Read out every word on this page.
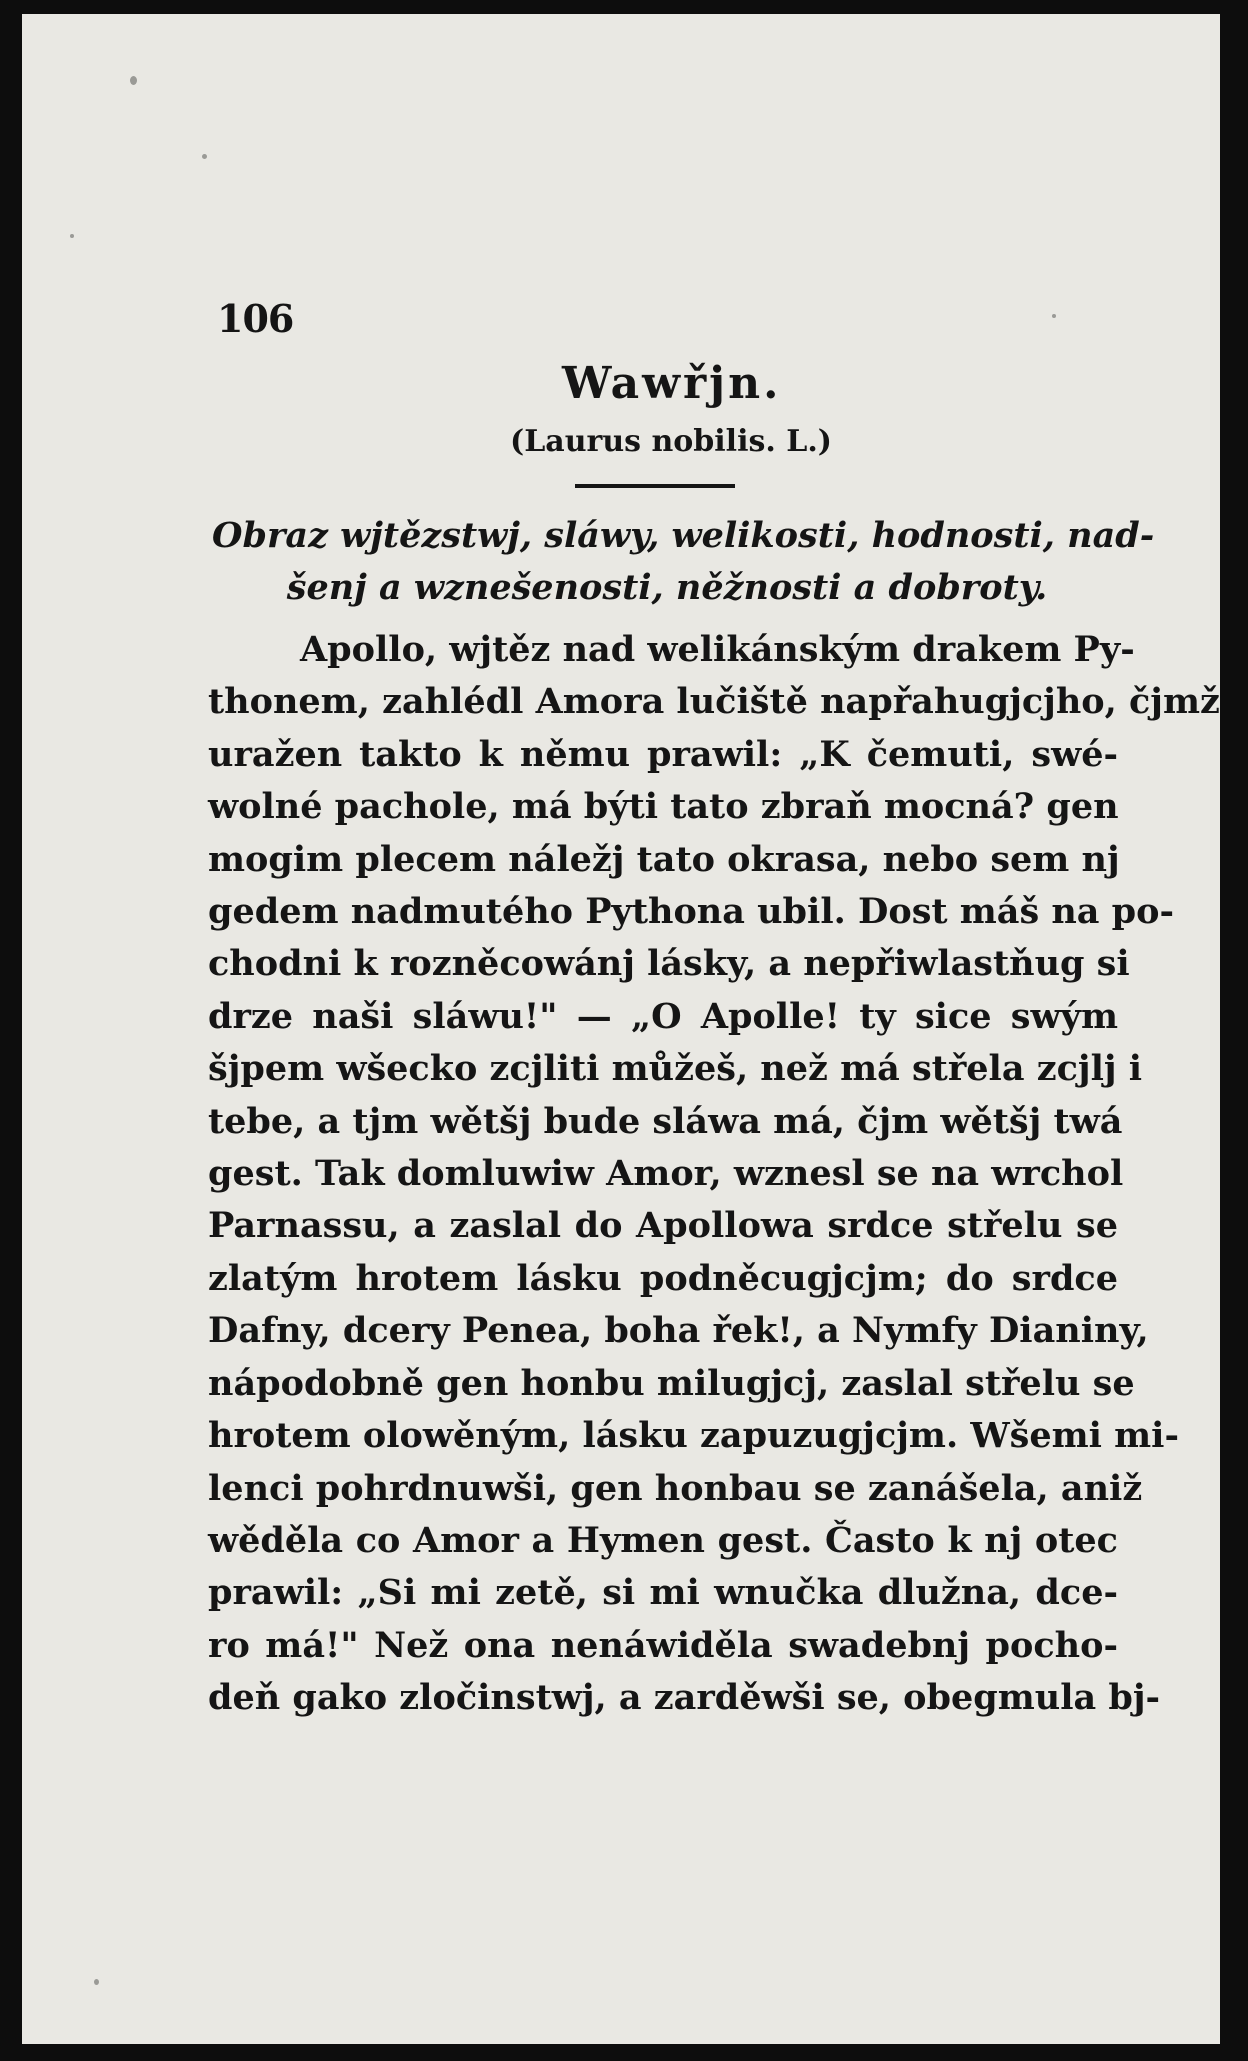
106
Wawřjn.
(Laurus nobilis. L.)
Obraz wjtězstwj, sláwy, welikosti, hodnosti, nad-
šenj a wznešenosti, něžnosti a dobroty.
Apollo, wjtěz nad welikánským drakem Py-
thonem, zahlédl Amora lučiště napřahugjcjho, čjmž
uražen takto k němu prawil: „K čemuti, swé-
wolné pachole, má býti tato zbraň mocná? gen
mogim plecem náležj tato okrasa, nebo sem nj
gedem nadmutého Pythona ubil. Dost máš na po-
chodni k rozněcowánj lásky, a nepřiwlastňug si
drze naši sláwu!" — „O Apolle! ty sice swým
šjpem wšecko zcjliti můžeš, než má střela zcjlj i
tebe, a tjm wětšj bude sláwa má, čjm wětšj twá
gest. Tak domluwiw Amor, wznesl se na wrchol
Parnassu, a zaslal do Apollowa srdce střelu se
zlatým hrotem lásku podněcugjcjm; do srdce
Dafny, dcery Penea, boha řek!, a Nymfy Dianiny,
nápodobně gen honbu milugjcj, zaslal střelu se
hrotem olowěným, lásku zapuzugjcjm. Wšemi mi-
lenci pohrdnuwši, gen honbau se zanášela, aniž
wěděla co Amor a Hymen gest. Často k nj otec
prawil: „Si mi zetě, si mi wnučka dlužna, dce-
ro má!" Než ona nenáwiděla swadebnj pocho-
deň gako zločinstwj, a zarděwši se, obegmula bj-
